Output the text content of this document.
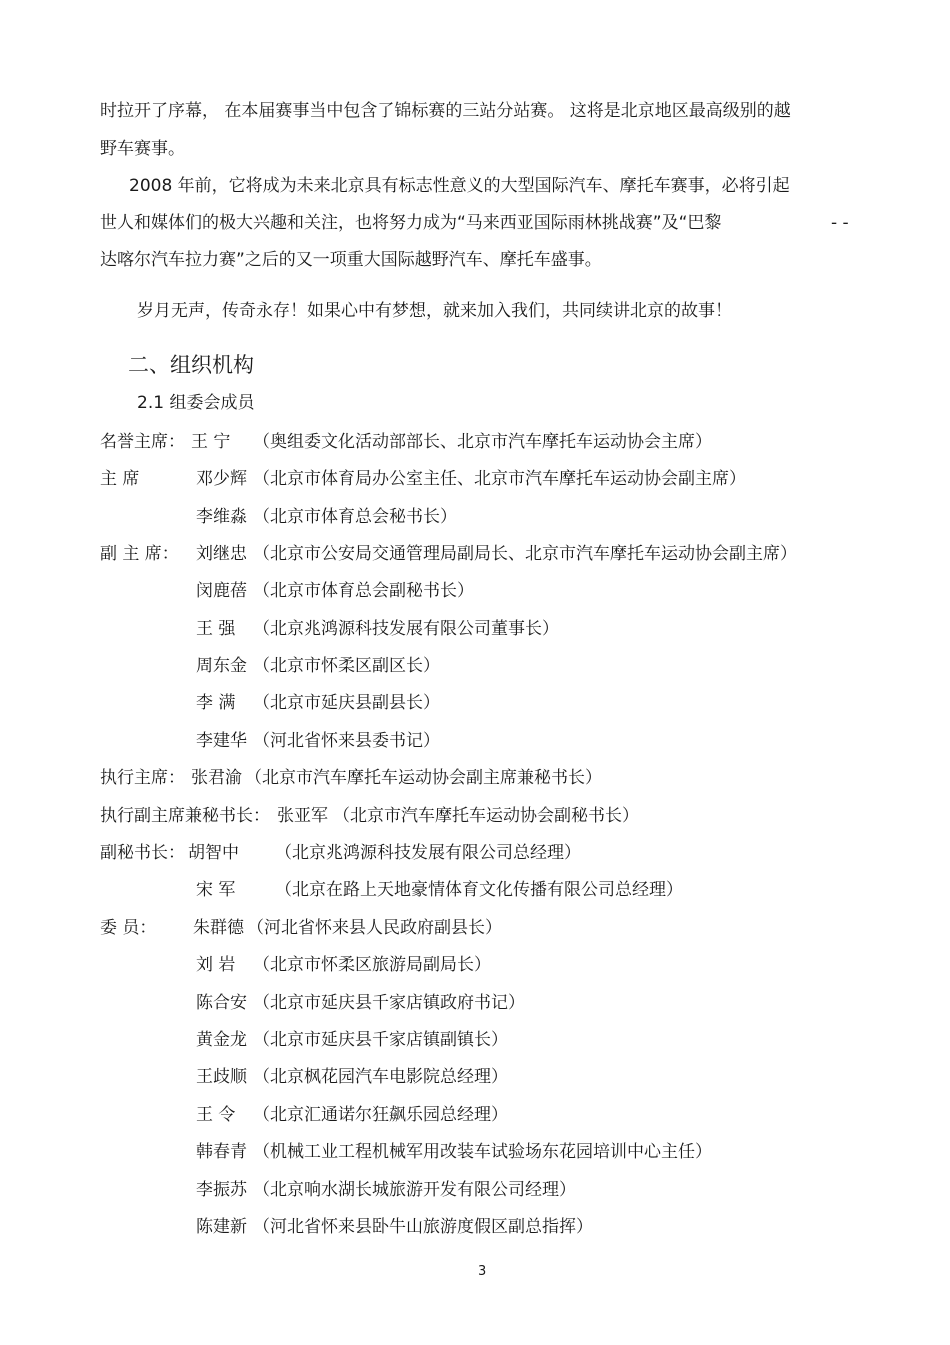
时拉开了序幕， 在本届赛事当中包含了锦标赛的三站分站赛。 这将是北京地区最高级别的越
野车赛事。
2008 年前，它将成为未来北京具有标志性意义的大型国际汽车、摩托车赛事，必将引起
世人和媒体们的极大兴趣和关注，也将努力成为“马来西亚国际雨林挑战赛”及“巴黎	- -
达喀尔汽车拉力赛”之后的又一项重大国际越野汽车、摩托车盛事。
岁月无声，传奇永存！如果心中有梦想，就来加入我们，共同续讲北京的故事！
二、组织机构
2.1 组委会成员
名誉主席： 王 宁 （奥组委文化活动部部长、北京市汽车摩托车运动协会主席）
主 席	邓少辉 （北京市体育局办公室主任、北京市汽车摩托车运动协会副主席）
李维淼 （北京市体育总会秘书长）
副 主 席： 刘继忠 （北京市公安局交通管理局副局长、北京市汽车摩托车运动协会副主席）
闵鹿蓓 （北京市体育总会副秘书长）
王 强 （北京兆鸿源科技发展有限公司董事长）
周东金 （北京市怀柔区副区长）
李 满 （北京市延庆县副县长）
李建华 （河北省怀来县委书记）
执行主席： 张君渝 （北京市汽车摩托车运动协会副主席兼秘书长）
执行副主席兼秘书长： 张亚军 （北京市汽车摩托车运动协会副秘书长）
副秘书长： 胡智中 （北京兆鸿源科技发展有限公司总经理）
宋 军 （北京在路上天地豪情体育文化传播有限公司总经理）
委 员： 朱群德 （河北省怀来县人民政府副县长）
刘 岩 （北京市怀柔区旅游局副局长）
陈合安 （北京市延庆县千家店镇政府书记）
黄金龙 （北京市延庆县千家店镇副镇长）
王歧顺 （北京枫花园汽车电影院总经理）
王 令 （北京汇通诺尔狂飙乐园总经理）
韩春青 （机械工业工程机械军用改装车试验场东花园培训中心主任）
李振苏 （北京响水湖长城旅游开发有限公司经理）
陈建新 （河北省怀来县卧牛山旅游度假区副总指挥）
3
